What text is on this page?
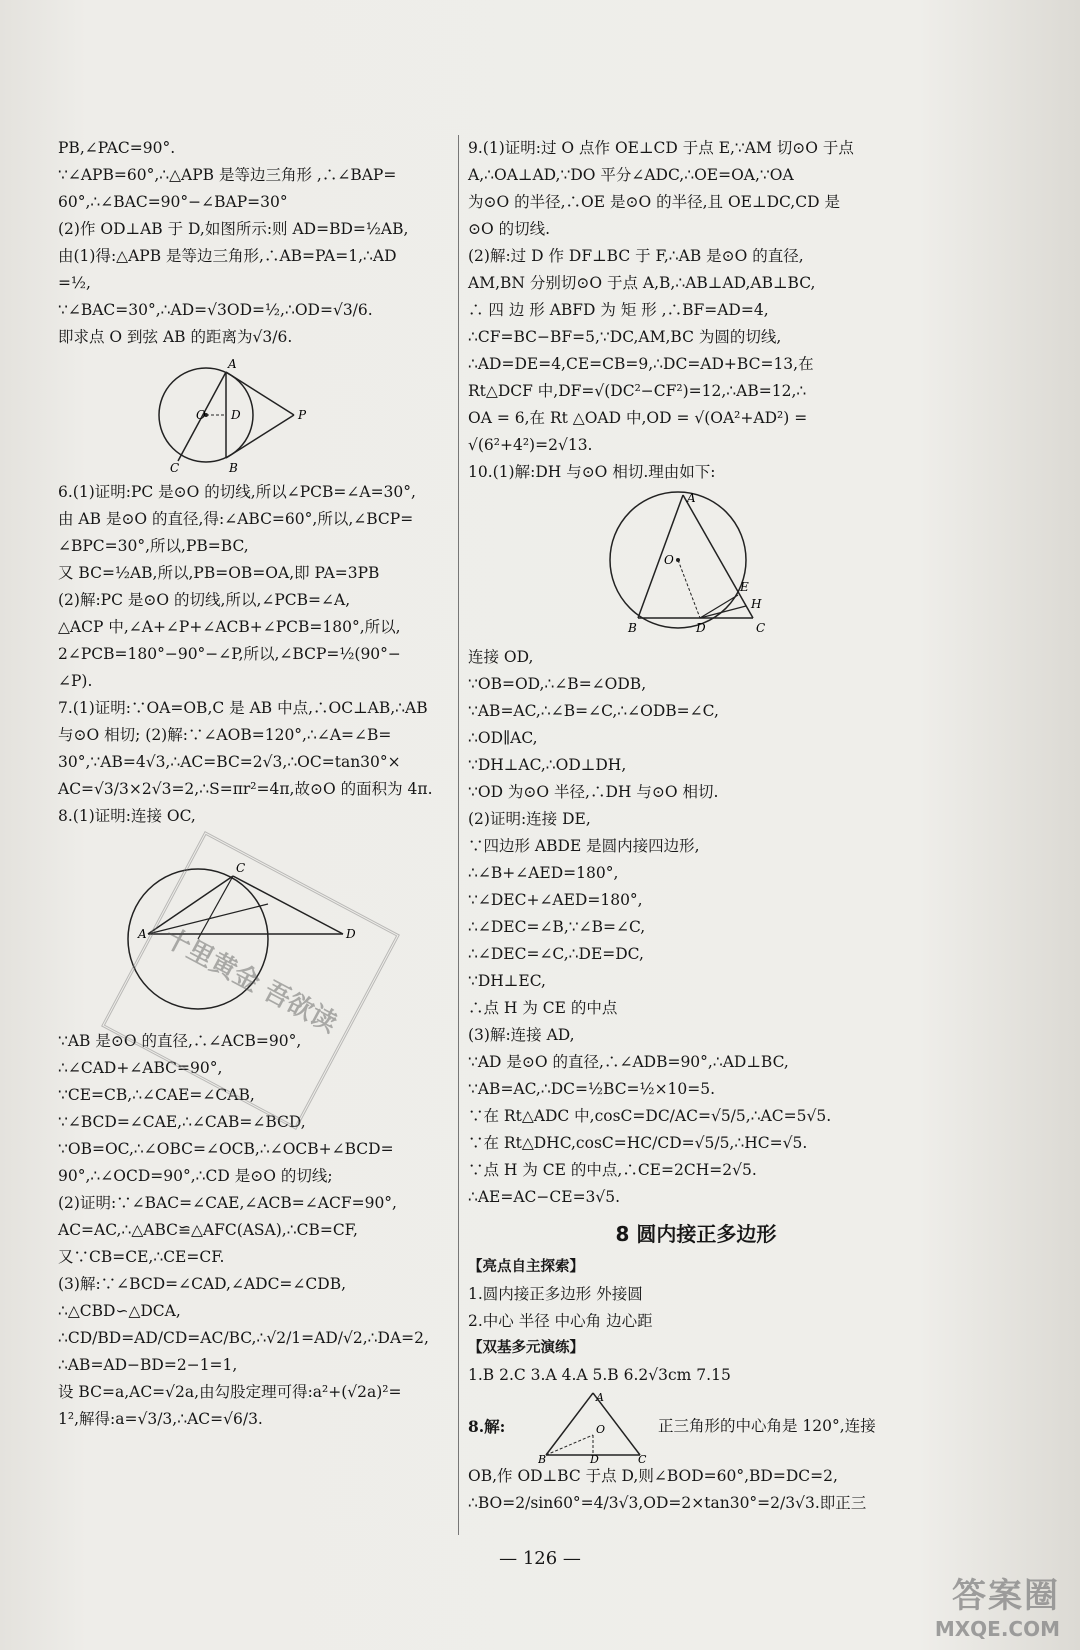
PB,∠PAC=90°.
∵∠APB=60°,∴△APB 是等边三角形 ,∴∠BAP=
60°,∴∠BAC=90°−∠BAP=30°
(2)作 OD⊥AB 于 D,如图所示:则 AD=BD=½AB,
由(1)得:△APB 是等边三角形,∴AB=PA=1,∴AD
=½,
∵∠BAC=30°,∴AD=√3OD=½,∴OD=√3/6.
即求点 O 到弦 AB 的距离为√3/6.
A
O D	P
B
C
6.(1)证明:PC 是⊙O 的切线,所以∠PCB=∠A=30°,
由 AB 是⊙O 的直径,得:∠ABC=60°,所以,∠BCP=
∠BPC=30°,所以,PB=BC,
又 BC=½AB,所以,PB=OB=OA,即 PA=3PB
(2)解:PC 是⊙O 的切线,所以,∠PCB=∠A,
△ACP 中,∠A+∠P+∠ACB+∠PCB=180°,所以,
2∠PCB=180°−90°−∠P,所以,∠BCP=½(90°−
∠P).
7.(1)证明:∵OA=OB,C 是 AB 中点,∴OC⊥AB,∴AB
与⊙O 相切; (2)解:∵∠AOB=120°,∴∠A=∠B=
30°,∵AB=4√3,∴AC=BC=2√3,∴OC=tan30°×
AC=√3/3×2√3=2,∴S=πr²=4π,故⊙O 的面积为 4π.
8.(1)证明:连接 OC,
A
C
D
∵AB 是⊙O 的直径,∴∠ACB=90°,
∴∠CAD+∠ABC=90°,
∵CE=CB,∴∠CAE=∠CAB,
∵∠BCD=∠CAE,∴∠CAB=∠BCD,
∵OB=OC,∴∠OBC=∠OCB,∴∠OCB+∠BCD=
90°,∴∠OCD=90°,∴CD 是⊙O 的切线;
(2)证明:∵∠BAC=∠CAE,∠ACB=∠ACF=90°,
AC=AC,∴△ABC≌△AFC(ASA),∴CB=CF,
又∵CB=CE,∴CE=CF.
(3)解:∵∠BCD=∠CAD,∠ADC=∠CDB,
∴△CBD∽△DCA,
∴CD/BD=AD/CD=AC/BC,∴√2/1=AD/√2,∴DA=2,
∴AB=AD−BD=2−1=1,
设 BC=a,AC=√2a,由勾股定理可得:a²+(√2a)²=
1²,解得:a=√3/3,∴AC=√6/3.
十里黄金 吾欲读
9.(1)证明:过 O 点作 OE⊥CD 于点 E,∵AM 切⊙O 于点
A,∴OA⊥AD,∵DO 平分∠ADC,∴OE=OA,∵OA
为⊙O 的半径,∴OE 是⊙O 的半径,且 OE⊥DC,CD 是
⊙O 的切线.
(2)解:过 D 作 DF⊥BC 于 F,∴AB 是⊙O 的直径,
AM,BN 分别切⊙O 于点 A,B,∴AB⊥AD,AB⊥BC,
∴ 四 边 形 ABFD 为 矩 形 ,∴BF=AD=4,
∴CF=BC−BF=5,∵DC,AM,BC 为圆的切线,
∴AD=DE=4,CE=CB=9,∴DC=AD+BC=13,在
Rt△DCF 中,DF=√(DC²−CF²)=12,∴AB=12,∴
OA = 6,在 Rt △OAD 中,OD = √(OA²+AD²) =
√(6²+4²)=2√13.
10.(1)解:DH 与⊙O 相切.理由如下:
A
O
E
H
B	D	C
连接 OD,
∵OB=OD,∴∠B=∠ODB,
∵AB=AC,∴∠B=∠C,∴∠ODB=∠C,
∴OD∥AC,
∵DH⊥AC,∴OD⊥DH,
∵OD 为⊙O 半径,∴DH 与⊙O 相切.
(2)证明:连接 DE,
∵四边形 ABDE 是圆内接四边形,
∴∠B+∠AED=180°,
∵∠DEC+∠AED=180°,
∴∠DEC=∠B,∵∠B=∠C,
∴∠DEC=∠C,∴DE=DC,
∵DH⊥EC,
∴点 H 为 CE 的中点
(3)解:连接 AD,
∵AD 是⊙O 的直径,∴∠ADB=90°,∴AD⊥BC,
∵AB=AC,∴DC=½BC=½×10=5.
∵在 Rt△ADC 中,cosC=DC/AC=√5/5,∴AC=5√5.
∵在 Rt△DHC,cosC=HC/CD=√5/5,∴HC=√5.
∵点 H 为 CE 的中点,∴CE=2CH=2√5.
∴AE=AC−CE=3√5.
8 圆内接正多边形
【亮点自主探索】
1.圆内接正多边形 外接圆
2.中心 半径 中心角 边心距
【双基多元演练】
1.B 2.C 3.A 4.A 5.B 6.2√3cm 7.15
8.解:
A
O
B	D	C
正三角形的中心角是 120°,连接
OB,作 OD⊥BC 于点 D,则∠BOD=60°,BD=DC=2,
∴BO=2/sin60°=4/3√3,OD=2×tan30°=2/3√3.即正三
— 126 —
答案圈
MXQE.COM
